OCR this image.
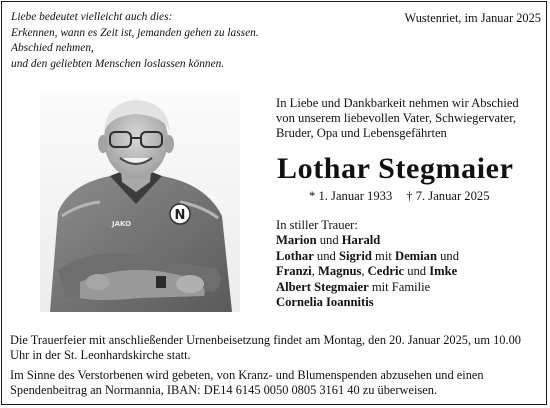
Liebe bedeutet vielleicht auch dies:
Erkennen, wann es Zeit ist, jemanden gehen zu lassen.
Abschied nehmen,
und den geliebten Menschen loslassen können.
Wustenriet, im Januar 2025
N
JAKO
In Liebe und Dankbarkeit nehmen wir Abschied
von unserem liebevollen Vater, Schwiegervater,
Bruder, Opa und Lebensgefährten
Lothar Stegmaier
* 1. Januar 1933 † 7. Januar 2025
In stiller Trauer:
Marion und Harald
Lothar und Sigrid mit Demian und
Franzi, Magnus, Cedric und Imke
Albert Stegmaier mit Familie
Cornelia Ioannitis
Die Trauerfeier mit anschließender Urnenbeisetzung findet am Montag, den 20. Januar 2025, um 10.00 Uhr in der St. Leonhardskirche statt.
Im Sinne des Verstorbenen wird gebeten, von Kranz- und Blumenspenden abzusehen und einen Spendenbeitrag an Normannia, IBAN: DE14 6145 0050 0805 3161 40 zu überweisen.
